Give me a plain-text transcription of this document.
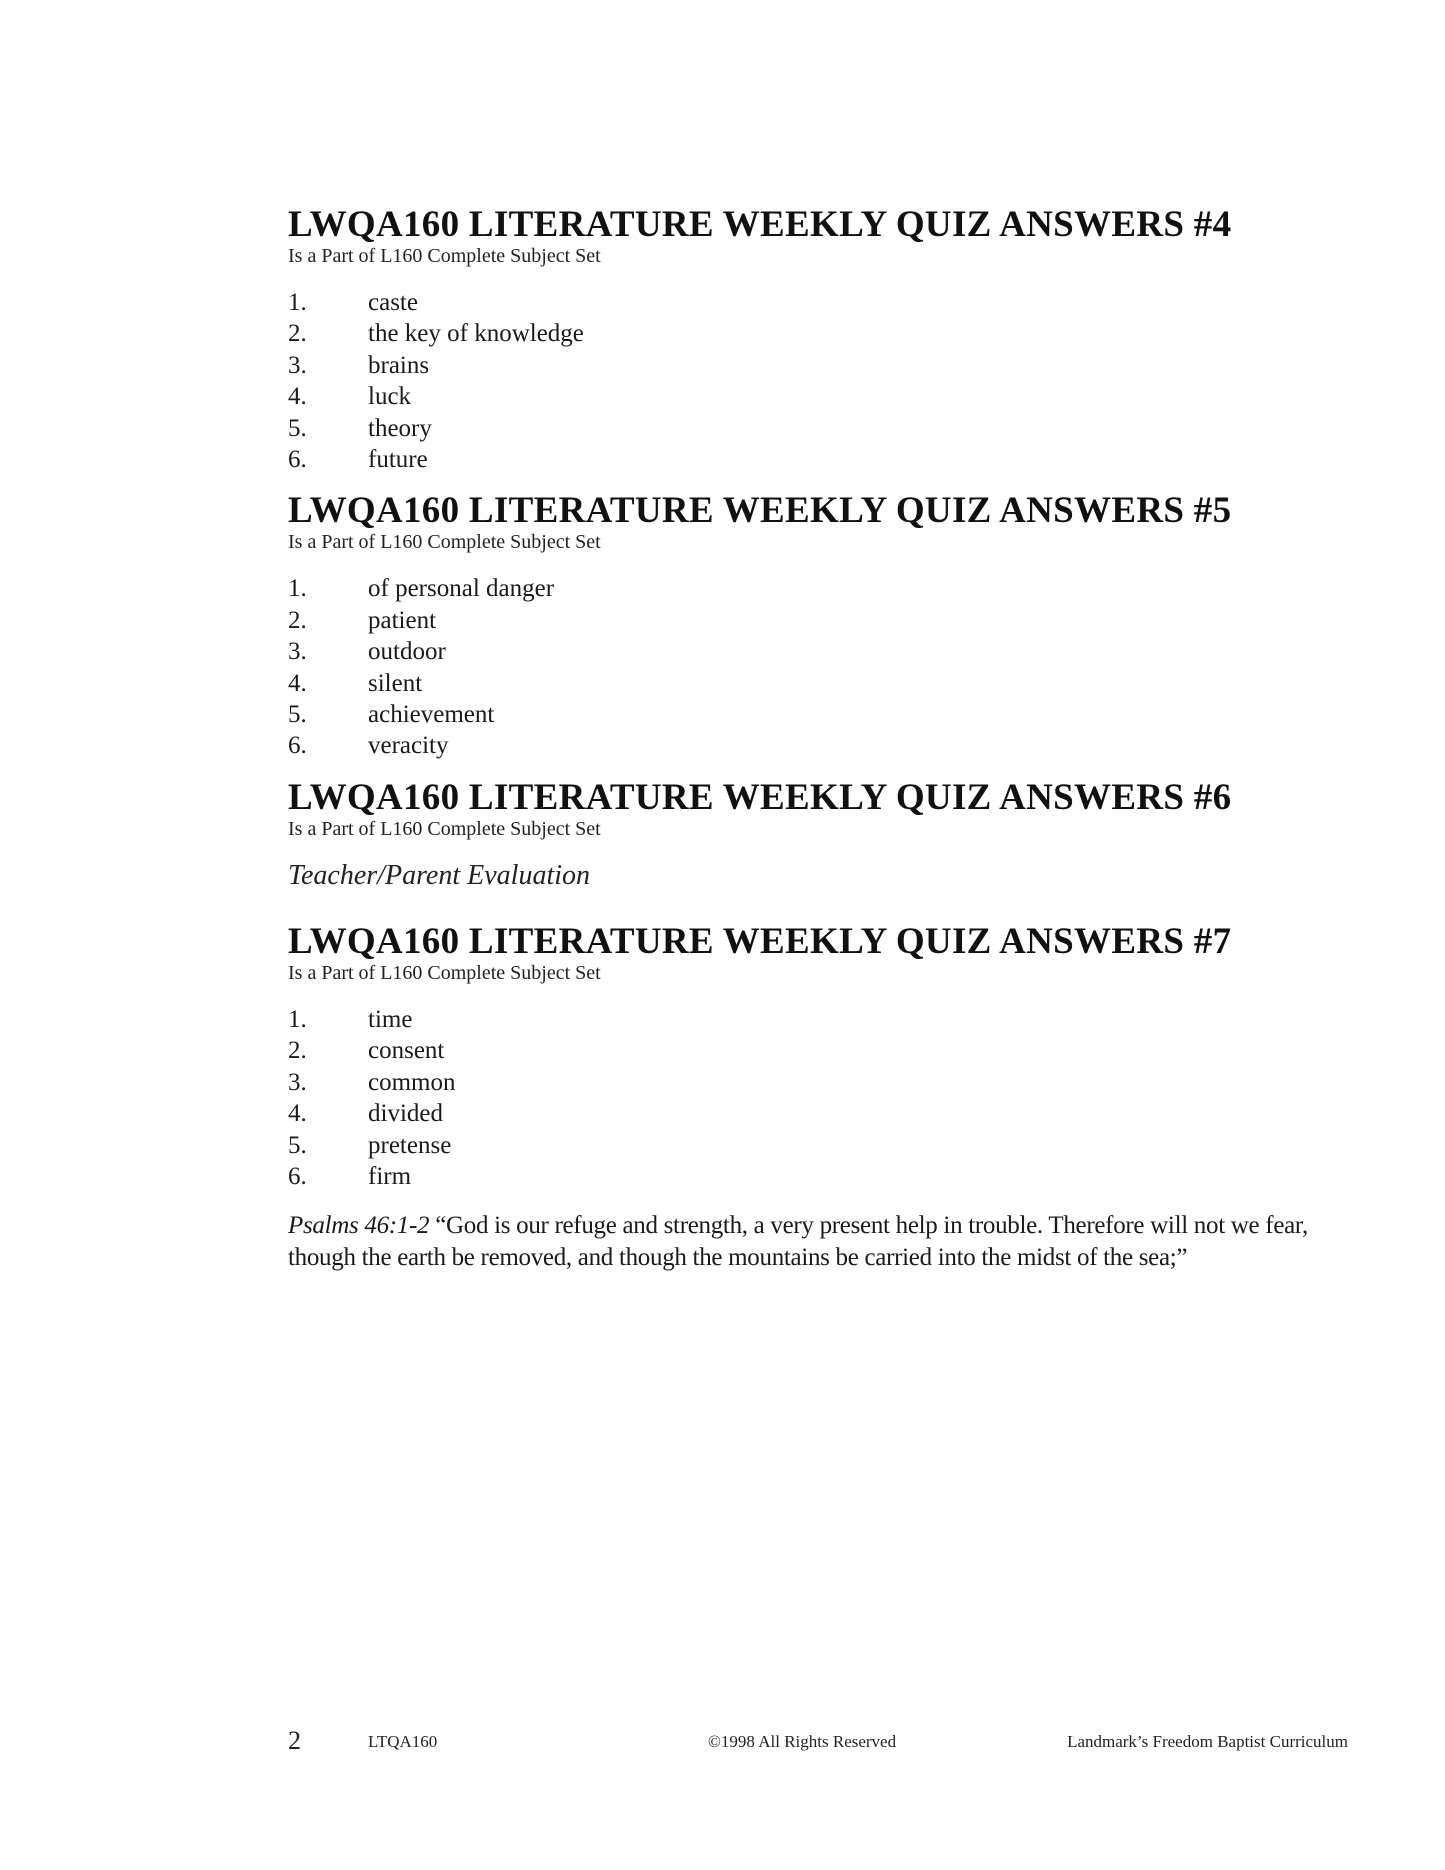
LWQA160 LITERATURE WEEKLY QUIZ ANSWERS #4

Is a Part of L160 Complete Subject Set

1.	caste
2.	the key of knowledge
3.	brains
4.	luck
5.	theory
6.	future
LWQA160 LITERATURE WEEKLY QUIZ ANSWERS #5

Is a Part of L160 Complete Subject Set

1.	of personal danger
2.	patient
3.	outdoor
4.	silent
5.	achievement
6.	veracity
LWQA160 LITERATURE WEEKLY QUIZ ANSWERS #6

Is a Part of L160 Complete Subject Set

Teacher/Parent Evaluation

LWQA160 LITERATURE WEEKLY QUIZ ANSWERS #7

Is a Part of L160 Complete Subject Set

1.	time
2.	consent
3.	common
4.	divided
5.	pretense
6.	firm

Psalms 46:1-2 “God is our refuge and strength, a very present help in trouble. Therefore will not we fear, though the earth be removed, and though the mountains be carried into the midst of the sea;”

2	LTQA160	©1998 All Rights Reserved	Landmark’s Freedom Baptist Curriculum
